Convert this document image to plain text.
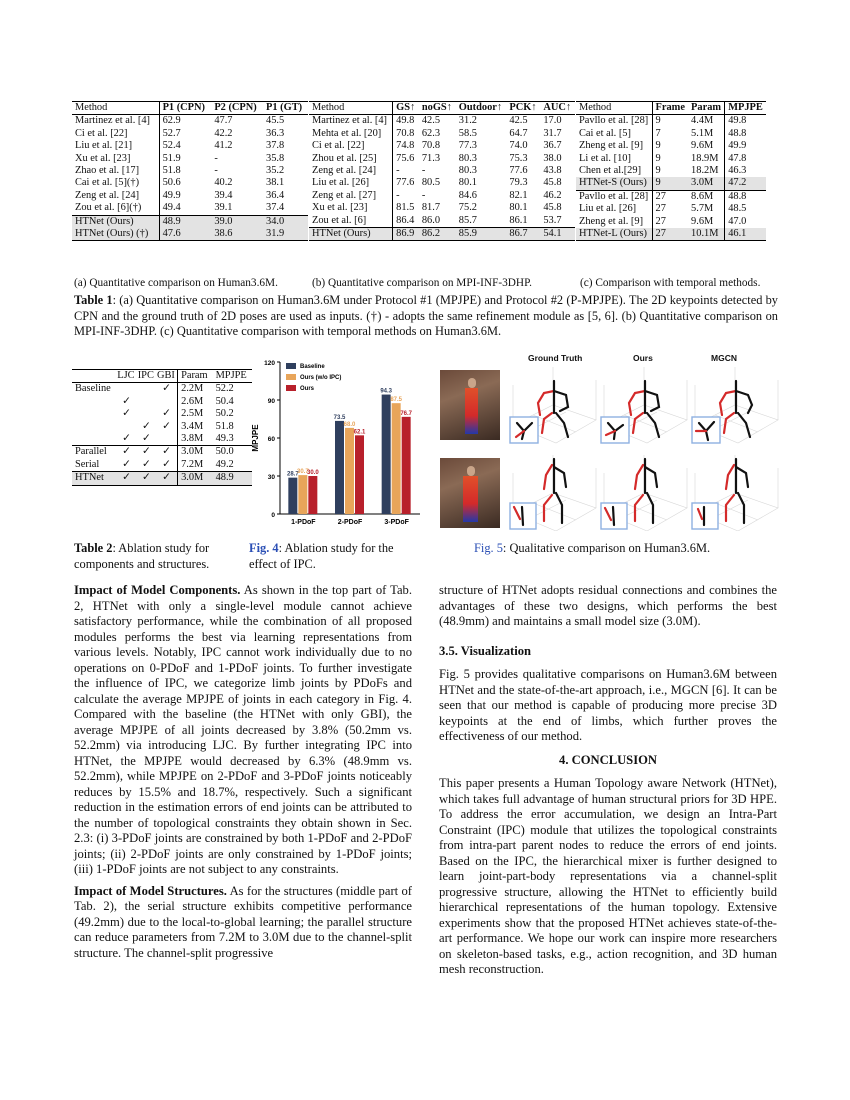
Method	P1 (CPN)	P2 (CPN)	P1 (GT)
Martinez et al. [4]	62.9	47.7	45.5
Ci et al. [22]	52.7	42.2	36.3
Liu et al. [21]	52.4	41.2	37.8
Xu et al. [23]	51.9	-	35.8
Zhao et al. [17]	51.8	-	35.2
Cai et al. [5](†)	50.6	40.2	38.1
Zeng et al. [24]	49.9	39.4	36.4
Zou et al. [6](†)	49.4	39.1	37.4
HTNet (Ours)	48.9	39.0	34.0
HTNet (Ours) (†)	47.6	38.6	31.9
Method	GS↑	noGS↑	Outdoor↑	PCK↑	AUC↑
Martinez et al. [4]	49.8	42.5	31.2	42.5	17.0
Mehta et al. [20]	70.8	62.3	58.5	64.7	31.7
Ci et al. [22]	74.8	70.8	77.3	74.0	36.7
Zhou et al. [25]	75.6	71.3	80.3	75.3	38.0
Zeng et al. [24]	-	-	80.3	77.6	43.8
Liu et al. [26]	77.6	80.5	80.1	79.3	45.8
Zeng et al. [27]	-	-	84.6	82.1	46.2
Xu et al. [23]	81.5	81.7	75.2	80.1	45.8
Zou et al. [6]	86.4	86.0	85.7	86.1	53.7
HTNet (Ours)	86.9	86.2	85.9	86.7	54.1
Method	Frame	Param	MPJPE
Pavllo et al. [28]	9	4.4M	49.8
Cai et al. [5]	7	5.1M	48.8
Zheng et al. [9]	9	9.6M	49.9
Li et al. [10]	9	18.9M	47.8
Chen et al.[29]	9	18.2M	46.3
HTNet-S (Ours)	9	3.0M	47.2
Pavllo et al. [28]	27	8.6M	48.8
Liu et al. [26]	27	5.7M	48.5
Zheng et al. [9]	27	9.6M	47.0
HTNet-L (Ours)	27	10.1M	46.1
(a) Quantitative comparison on Human3.6M.	(b) Quantitative comparison on MPI-INF-3DHP.	(c) Comparison with temporal methods.
Table 1: (a) Quantitative comparison on Human3.6M under Protocol #1 (MPJPE) and Protocol #2 (P-MPJPE). The 2D keypoints detected by CPN and the ground truth of 2D poses are used as inputs. (†) - adopts the same refinement module as [5, 6]. (b) Quantitative comparison on MPI-INF-3DHP. (c) Quantitative comparison with temporal methods on Human3.6M.
	LJC	IPC	GBI	Param	MPJPE
Baseline			✓	2.2M	52.2
	✓			2.6M	50.4
	✓		✓	2.5M	50.2
		✓	✓	3.4M	51.8
	✓	✓		3.8M	49.3
Parallel	✓	✓	✓	3.0M	50.0
Serial	✓	✓	✓	7.2M	49.2
HTNet	✓	✓	✓	3.0M	48.9
Table 2: Ablation study for components and structures.
0
30
60
90
120
MPJPE
28.7
30.7
30.0
1-PDoF
73.5
68.0
62.1
2-PDoF
94.3
87.5
76.7
3-PDoF
Baseline
Ours (w/o IPC)
Ours
Fig. 4: Ablation study for the effect of IPC.
Ground Truth	Ours	MGCN
Fig. 5: Qualitative comparison on Human3.6M.

Impact of Model Components. As shown in the top part of Tab. 2, HTNet with only a single-level module cannot achieve satisfactory performance, while the combination of all proposed modules performs the best via learning representations from various levels. Notably, IPC cannot work individually due to no operations on 0-PDoF and 1-PDoF joints. To further investigate the influence of IPC, we categorize limb joints by PDoFs and calculate the average MPJPE of joints in each category in Fig. 4. Compared with the baseline (the HTNet with only GBI), the average MPJPE of all joints decreased by 3.8% (50.2mm vs. 52.2mm) via introducing LJC. By further integrating IPC into HTNet, the MPJPE would decreased by 6.3% (48.9mm vs. 52.2mm), while MPJPE on 2-PDoF and 3-PDoF joints noticeably reduces by 15.5% and 18.7%, respectively. Such a significant reduction in the estimation errors of end joints can be attributed to the number of topological constraints they obtain shown in Sec. 2.3: (i) 3-PDoF joints are constrained by both 1-PDoF and 2-PDoF joints; (ii) 2-PDoF joints are only constrained by 1-PDoF joints; (iii) 1-PDoF joints are not subject to any constraints.

Impact of Model Structures. As for the structures (middle part of Tab. 2), the serial structure exhibits competitive performance (49.2mm) due to the local-to-global learning; the parallel structure can reduce parameters from 7.2M to 3.0M due to the channel-split structure. The channel-split progressive

structure of HTNet adopts residual connections and combines the advantages of these two designs, which performs the best (48.9mm) and maintains a small model size (3.0M).

3.5. Visualization

Fig. 5 provides qualitative comparisons on Human3.6M between HTNet and the state-of-the-art approach, i.e., MGCN [6]. It can be seen that our method is capable of producing more precise 3D keypoints at the end of limbs, which further proves the effectiveness of our method.

4. CONCLUSION

This paper presents a Human Topology aware Network (HTNet), which takes full advantage of human structural priors for 3D HPE. To address the error accumulation, we design an Intra-Part Constraint (IPC) module that utilizes the topological constraints from intra-part parent nodes to reduce the errors of end joints. Based on the IPC, the hierarchical mixer is further designed to learn joint-part-body representations via a channel-split progressive structure, allowing the HTNet to efficiently build hierarchical representations of the human topology. Extensive experiments show that the proposed HTNet achieves state-of-the-art performance. We hope our work can inspire more researchers on skeleton-based tasks, e.g., action recognition, and 3D human mesh reconstruction.
